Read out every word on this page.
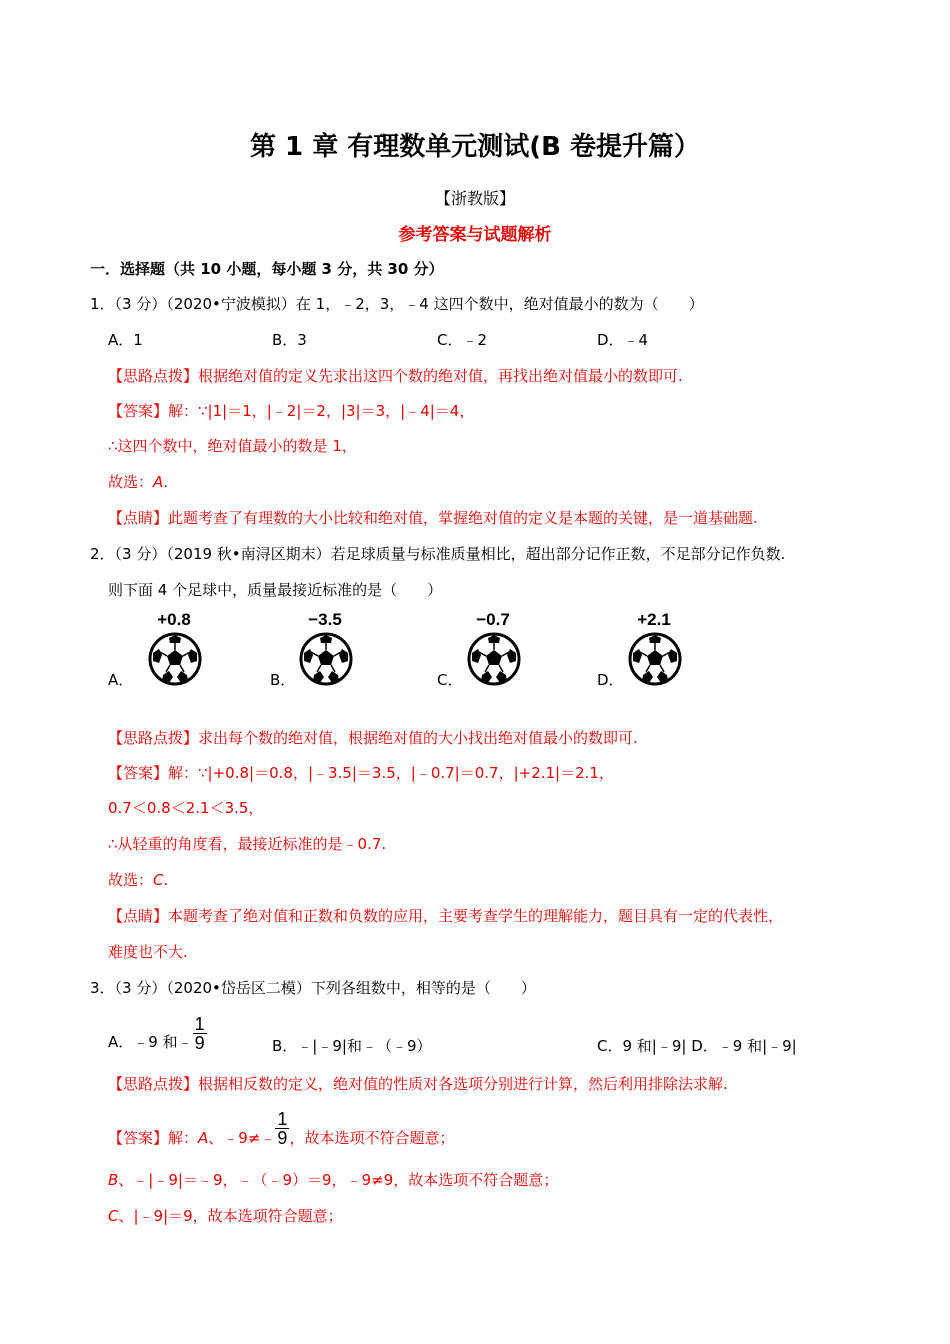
第 1 章 有理数单元测试(B 卷提升篇）
【浙教版】
参考答案与试题解析
一．选择题（共 10 小题，每小题 3 分，共 30 分）
1．（3 分）（2020•宁波模拟）在 1，﹣2，3，﹣4 这四个数中，绝对值最小的数为（　　）
A．1	B．3	C．﹣2	D．﹣4
【思路点拨】根据绝对值的定义先求出这四个数的绝对值，再找出绝对值最小的数即可.
【答案】解：∵|1|＝1，|﹣2|＝2，|3|＝3，|﹣4|＝4，
∴这四个数中，绝对值最小的数是 1，
故选：A.
【点睛】此题考查了有理数的大小比较和绝对值，掌握绝对值的定义是本题的关键，是一道基础题.
2．（3 分）（2019 秋•南浔区期末）若足球质量与标准质量相比，超出部分记作正数，不足部分记作负数.
则下面 4 个足球中，质量最接近标准的是（　　）
A．
+0.8
B．
−3.5
C．
−0.7
D．
+2.1
【思路点拨】求出每个数的绝对值，根据绝对值的大小找出绝对值最小的数即可.
【答案】解：∵|+0.8|＝0.8，|﹣3.5|＝3.5，|﹣0.7|＝0.7，|+2.1|＝2.1，
0.7＜0.8＜2.1＜3.5，
∴从轻重的角度看，最接近标准的是﹣0.7.
故选：C.
【点睛】本题考查了绝对值和正数和负数的应用，主要考查学生的理解能力，题目具有一定的代表性，
难度也不大.
3．（3 分）（2020•岱岳区二模）下列各组数中，相等的是（　　）
A．﹣9 和﹣ $\frac{1}{9}$	B．﹣|﹣9|和﹣（﹣9）	C．9 和|﹣9| D．﹣9 和|﹣9|
【思路点拨】根据相反数的定义，绝对值的性质对各选项分别进行计算，然后利用排除法求解.
【答案】解：A、﹣9≠﹣ $\frac{1}{9}$ ，故本选项不符合题意；
B、﹣|﹣9|＝﹣9，﹣（﹣9）＝9，﹣9≠9，故本选项不符合题意；
C、|﹣9|＝9，故本选项符合题意；
